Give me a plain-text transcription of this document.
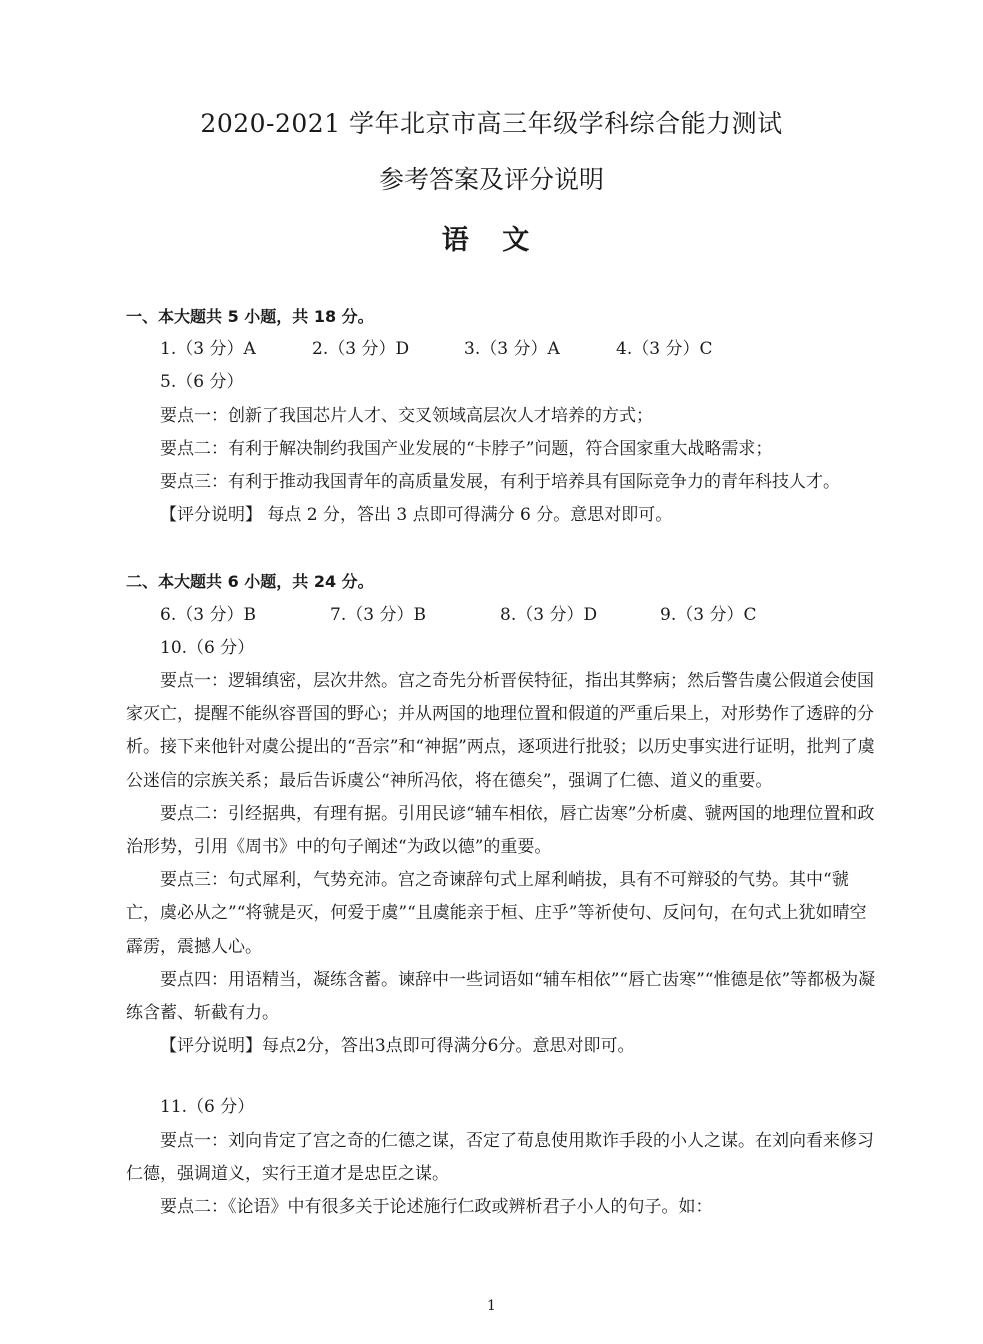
2020-2021 学年北京市高三年级学科综合能力测试
参考答案及评分说明
语 文

一、本大题共 5 小题，共 18 分。

1.（3 分）A	2.（3 分）D	3.（3 分）A	4.（3 分）C

5.（6 分）

要点一：创新了我国芯片人才、交叉领域高层次人才培养的方式；

要点二：有利于解决制约我国产业发展的“卡脖子”问题，符合国家重大战略需求；

要点三：有利于推动我国青年的高质量发展，有利于培养具有国际竞争力的青年科技人才。

【评分说明】 每点 2 分，答出 3 点即可得满分 6 分。意思对即可。

二、本大题共 6 小题，共 24 分。

6.（3 分）B	7.（3 分）B	8.（3 分）D	9.（3 分）C

10.（6 分）

要点一：逻辑缜密，层次井然。宫之奇先分析晋侯特征，指出其弊病；然后警告虞公假道会使国家灭亡，提醒不能纵容晋国的野心；并从两国的地理位置和假道的严重后果上，对形势作了透辟的分析。接下来他针对虞公提出的“吾宗”和“神据”两点，逐项进行批驳；以历史事实进行证明，批判了虞公迷信的宗族关系；最后告诉虞公“神所冯依，将在德矣”，强调了仁德、道义的重要。

要点二：引经据典，有理有据。引用民谚“辅车相依，唇亡齿寒”分析虞、虢两国的地理位置和政治形势，引用《周书》中的句子阐述“为政以德”的重要。

要点三：句式犀利，气势充沛。宫之奇谏辞句式上犀利峭拔，具有不可辩驳的气势。其中“虢亡，虞必从之”“将虢是灭，何爱于虞”“且虞能亲于桓、庄乎”等祈使句、反问句，在句式上犹如晴空霹雳，震撼人心。

要点四：用语精当，凝练含蓄。谏辞中一些词语如“辅车相依”“唇亡齿寒”“惟德是依”等都极为凝练含蓄、斩截有力。

【评分说明】每点2分，答出3点即可得满分6分。意思对即可。

11.（6 分）

要点一：刘向肯定了宫之奇的仁德之谋，否定了荀息使用欺诈手段的小人之谋。在刘向看来修习仁德，强调道义，实行王道才是忠臣之谋。

要点二：《论语》中有很多关于论述施行仁政或辨析君子小人的句子。如：

1
